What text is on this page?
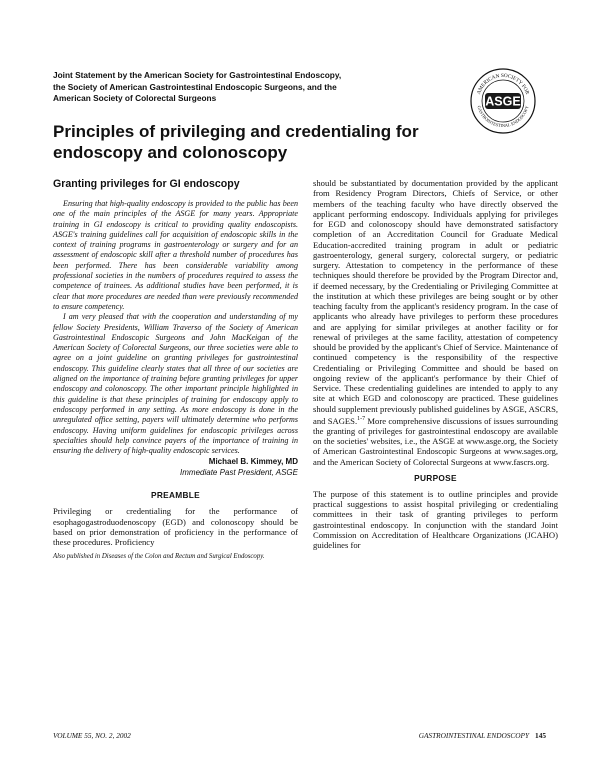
Joint Statement by the American Society for Gastrointestinal Endoscopy,
the Society of American Gastrointestinal Endoscopic Surgeons, and the
American Society of Colorectal Surgeons
AMERICAN SOCIETY FOR
GASTROINTESTINAL ENDOSCOPY
ASGE
Principles of privileging and credentialing for endoscopy and colonoscopy
Granting privileges for GI endoscopy

Ensuring that high-quality endoscopy is provided to the public has been one of the main principles of the ASGE for many years. Appropriate training in GI endoscopy is critical to providing quality endoscopists. ASGE's training guidelines call for acquisition of endoscopic skills in the context of training programs in gastroenterology or surgery and for an assessment of endoscopic skill after a threshold number of procedures has been performed. There has been considerable variability among professional societies in the numbers of procedures required to assess the competence of trainees. As additional studies have been performed, it is clear that more procedures are needed than were previously recommended to ensure competency.

I am very pleased that with the cooperation and understanding of my fellow Society Presidents, William Traverso of the Society of American Gastrointestinal Endoscopic Surgeons and John MacKeigan of the American Society of Colorectal Surgeons, our three societies were able to agree on a joint guideline on granting privileges for gastrointestinal endoscopy. This guideline clearly states that all three of our societies are aligned on the importance of training before granting privileges for upper endoscopy and colonoscopy. The other important principle highlighted in this guideline is that these principles of training for endoscopy apply to endoscopy performed in any setting. As more endoscopy is done in the unregulated office setting, payers will ultimately determine who performs endoscopy. Having uniform guidelines for endoscopic privileges across specialties should help convince payers of the importance of training in ensuring the delivery of high-quality endoscopic services.

Michael B. Kimmey, MD
Immediate Past President, ASGE
PREAMBLE

Privileging or credentialing for the performance of esophagogastroduodenoscopy (EGD) and colonoscopy should be based on prior demonstration of proficiency in the performance of these procedures. Proficiency

Also published in Diseases of the Colon and Rectum and Surgical Endoscopy.

should be substantiated by documentation provided by the applicant from Residency Program Directors, Chiefs of Service, or other members of the teaching faculty who have directly observed the applicant performing endoscopy. Individuals applying for privileges for EGD and colonoscopy should have demonstrated satisfactory completion of an Accreditation Council for Graduate Medical Education-accredited training program in adult or pediatric gastroenterology, general surgery, colorectal surgery, or pediatric surgery. Attestation to competency in the performance of these techniques should therefore be provided by the Program Director and, if deemed necessary, by the Credentialing or Privileging Committee at the institution at which these privileges are being sought or by other teaching faculty from the applicant's residency program. In the case of applicants who already have privileges to perform these procedures and are applying for similar privileges at another facility or for renewal of privileges at the same facility, attestation of competency should be provided by the applicant's Chief of Service. Maintenance of continued competency is the responsibility of the respective Credentialing or Privileging Committee and should be based on ongoing review of the applicant's performance by their Chief of Service. These credentialing guidelines are intended to apply to any site at which EGD and colonoscopy are practiced. These guidelines should supplement previously published guidelines by ASGE, ASCRS, and SAGES.$^{1-7}$ More comprehensive discussions of issues surrounding the granting of privileges for gastrointestinal endoscopy are available on the societies' websites, i.e., the ASGE at www.asge.org, the Society of American Gastrointestinal Endoscopic Surgeons at www.sages.org, and the American Society of Colorectal Surgeons at www.fascrs.org.

PURPOSE

The purpose of this statement is to outline principles and provide practical suggestions to assist hospital privileging or credentialing committees in their task of granting privileges to perform gastrointestinal endoscopy. In conjunction with the standard Joint Commission on Accreditation of Healthcare Organizations (JCAHO) guidelines for

VOLUME 55, NO. 2, 2002	GASTROINTESTINAL ENDOSCOPY 145
